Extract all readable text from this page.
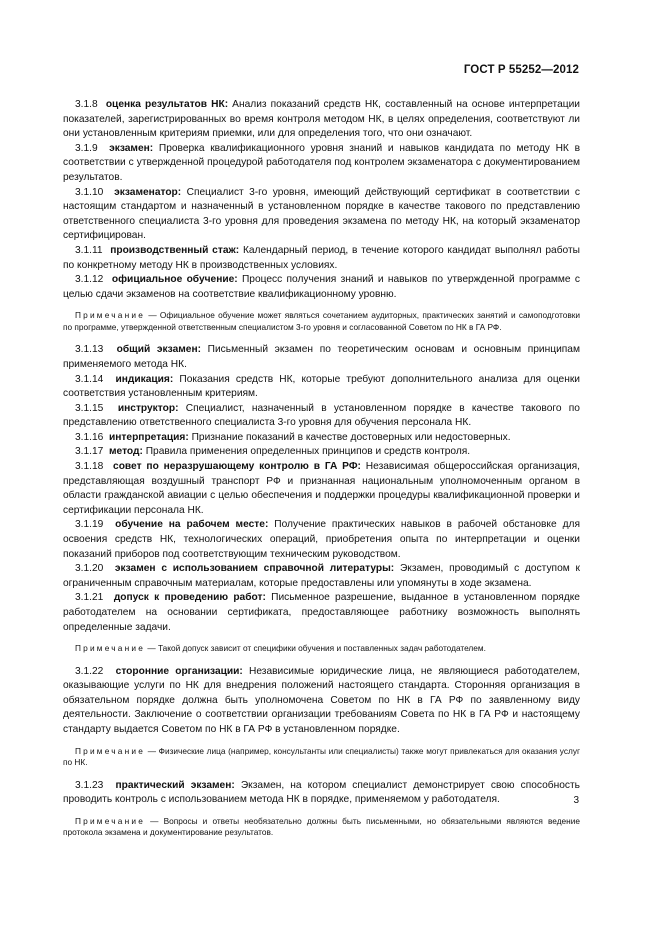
ГОСТ Р 55252—2012

3.1.8 оценка результатов НК: Анализ показаний средств НК, составленный на основе интерпретации показателей, зарегистрированных во время контроля методом НК, в целях определения, соответствуют ли они установленным критериям приемки, или для определения того, что они означают.

3.1.9 экзамен: Проверка квалификационного уровня знаний и навыков кандидата по методу НК в соответствии с утвержденной процедурой работодателя под контролем экзаменатора с документированием результатов.

3.1.10 экзаменатор: Специалист 3-го уровня, имеющий действующий сертификат в соответствии с настоящим стандартом и назначенный в установленном порядке в качестве такового по представлению ответственного специалиста 3-го уровня для проведения экзамена по методу НК, на который экзаменатор сертифицирован.

3.1.11 производственный стаж: Календарный период, в течение которого кандидат выполнял работы по конкретному методу НК в производственных условиях.

3.1.12 официальное обучение: Процесс получения знаний и навыков по утвержденной программе с целью сдачи экзаменов на соответствие квалификационному уровню.

Примечание — Официальное обучение может являться сочетанием аудиторных, практических занятий и самоподготовки по программе, утвержденной ответственным специалистом 3-го уровня и согласованной Советом по НК в ГА РФ.

3.1.13 общий экзамен: Письменный экзамен по теоретическим основам и основным принципам применяемого метода НК.

3.1.14 индикация: Показания средств НК, которые требуют дополнительного анализа для оценки соответствия установленным критериям.

3.1.15 инструктор: Специалист, назначенный в установленном порядке в качестве такового по представлению ответственного специалиста 3-го уровня для обучения персонала НК.

3.1.16 интерпретация: Признание показаний в качестве достоверных или недостоверных.

3.1.17 метод: Правила применения определенных принципов и средств контроля.

3.1.18 совет по неразрушающему контролю в ГА РФ: Независимая общероссийская организация, представляющая воздушный транспорт РФ и признанная национальным уполномоченным органом в области гражданской авиации с целью обеспечения и поддержки процедуры квалификационной проверки и сертификации персонала НК.

3.1.19 обучение на рабочем месте: Получение практических навыков в рабочей обстановке для освоения средств НК, технологических операций, приобретения опыта по интерпретации и оценки показаний приборов под соответствующим техническим руководством.

3.1.20 экзамен с использованием справочной литературы: Экзамен, проводимый с доступом к ограниченным справочным материалам, которые предоставлены или упомянуты в ходе экзамена.

3.1.21 допуск к проведению работ: Письменное разрешение, выданное в установленном порядке работодателем на основании сертификата, предоставляющее работнику возможность выполнять определенные задачи.

Примечание — Такой допуск зависит от специфики обучения и поставленных задач работодателем.

3.1.22 сторонние организации: Независимые юридические лица, не являющиеся работодателем, оказывающие услуги по НК для внедрения положений настоящего стандарта. Сторонняя организация в обязательном порядке должна быть уполномочена Советом по НК в ГА РФ по заявленному виду деятельности. Заключение о соответствии организации требованиям Совета по НК в ГА РФ и настоящему стандарту выдается Советом по НК в ГА РФ в установленном порядке.

Примечание — Физические лица (например, консультанты или специалисты) также могут привлекаться для оказания услуг по НК.

3.1.23 практический экзамен: Экзамен, на котором специалист демонстрирует свою способность проводить контроль с использованием метода НК в порядке, применяемом у работодателя.

Примечание — Вопросы и ответы необязательно должны быть письменными, но обязательными являются ведение протокола экзамена и документирование результатов.

3
